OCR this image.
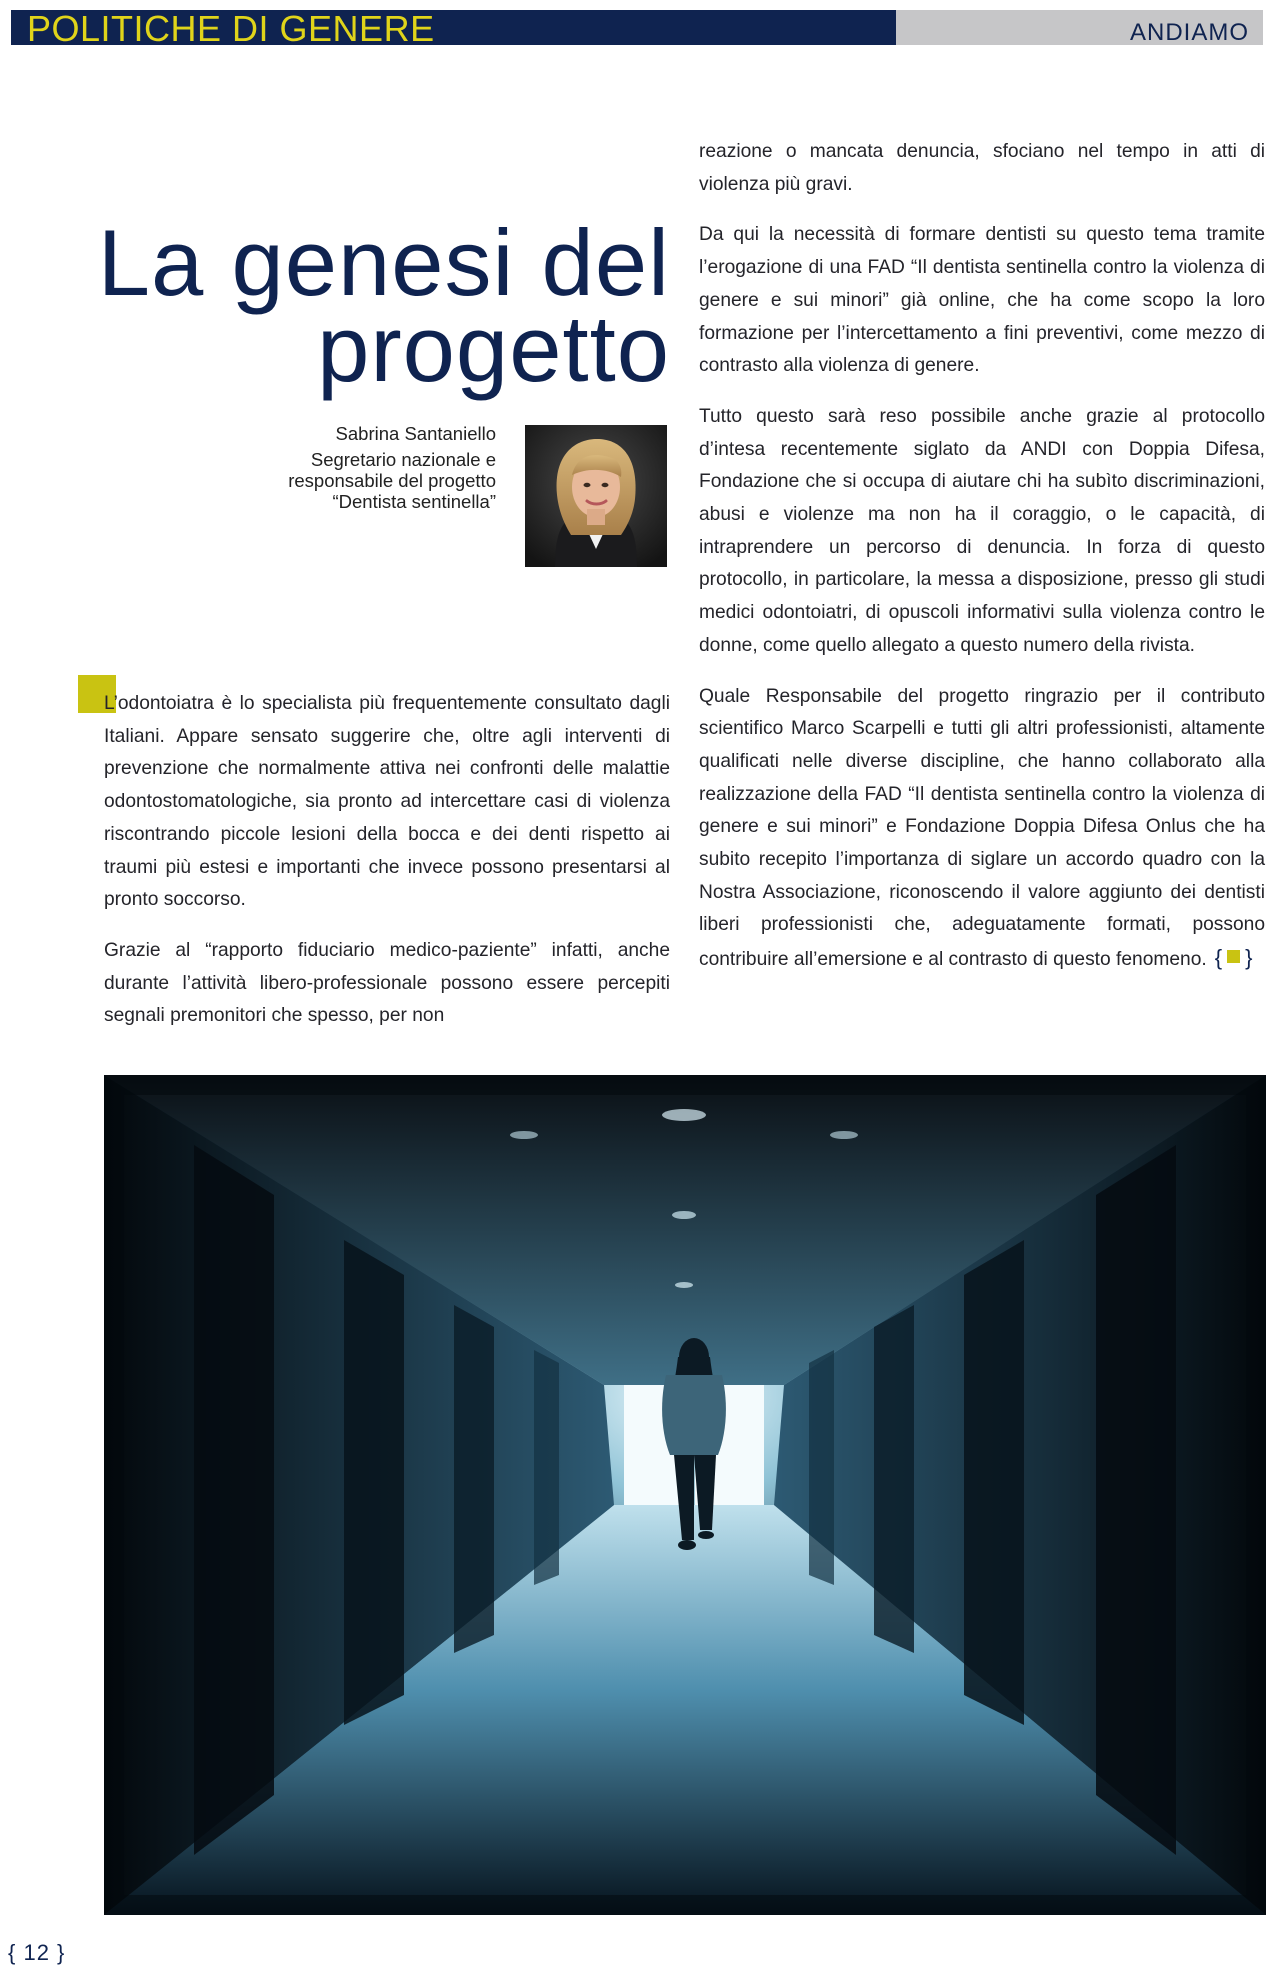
POLITICHE DI GENERE	ANDIAMO
La genesi del
progetto
Sabrina Santaniello
Segretario nazionale e
responsabile del progetto
“Dentista sentinella”

L’odontoiatra è lo specialista più frequentemente consultato dagli Italiani. Appare sensato suggerire che, oltre agli interventi di prevenzione che normalmente attiva nei confronti delle malattie odontostomatologiche, sia pronto ad intercettare casi di violenza riscontrando piccole lesioni della bocca e dei denti rispetto ai traumi più estesi e importanti che invece possono presentarsi al pronto soccorso.

Grazie al “rapporto fiduciario medico-paziente” infatti, anche durante l’attività libero-professionale possono essere percepiti segnali premonitori che spesso, per non

reazione o mancata denuncia, sfociano nel tempo in atti di violenza più gravi.

Da qui la necessità di formare dentisti su questo tema tramite l’erogazione di una FAD “Il dentista sentinella contro la violenza di genere e sui minori” già online, che ha come scopo la loro formazione per l’intercettamento a fini preventivi, come mezzo di contrasto alla violenza di genere.

Tutto questo sarà reso possibile anche grazie al protocollo d’intesa recentemente siglato da ANDI con Doppia Difesa, Fondazione che si occupa di aiutare chi ha subìto discriminazioni, abusi e violenze ma non ha il coraggio, o le capacità, di intraprendere un percorso di denuncia. In forza di questo protocollo, in particolare, la messa a disposizione, presso gli studi medici odontoiatri, di opuscoli informativi sulla violenza contro le donne, come quello allegato a questo numero della rivista.

Quale Responsabile del progetto ringrazio per il contributo scientifico Marco Scarpelli e tutti gli altri professionisti, altamente qualificati nelle diverse discipline, che hanno collaborato alla realizzazione della FAD “Il dentista sentinella contro la violenza di genere e sui minori” e Fondazione Doppia Difesa Onlus che ha subito recepito l’importanza di siglare un accordo quadro con la Nostra Associazione, riconoscendo il valore aggiunto dei dentisti liberi professionisti che, adeguatamente formati, possono contribuire all’emersione e al contrasto di questo fenomeno. { }

{ 12 }
